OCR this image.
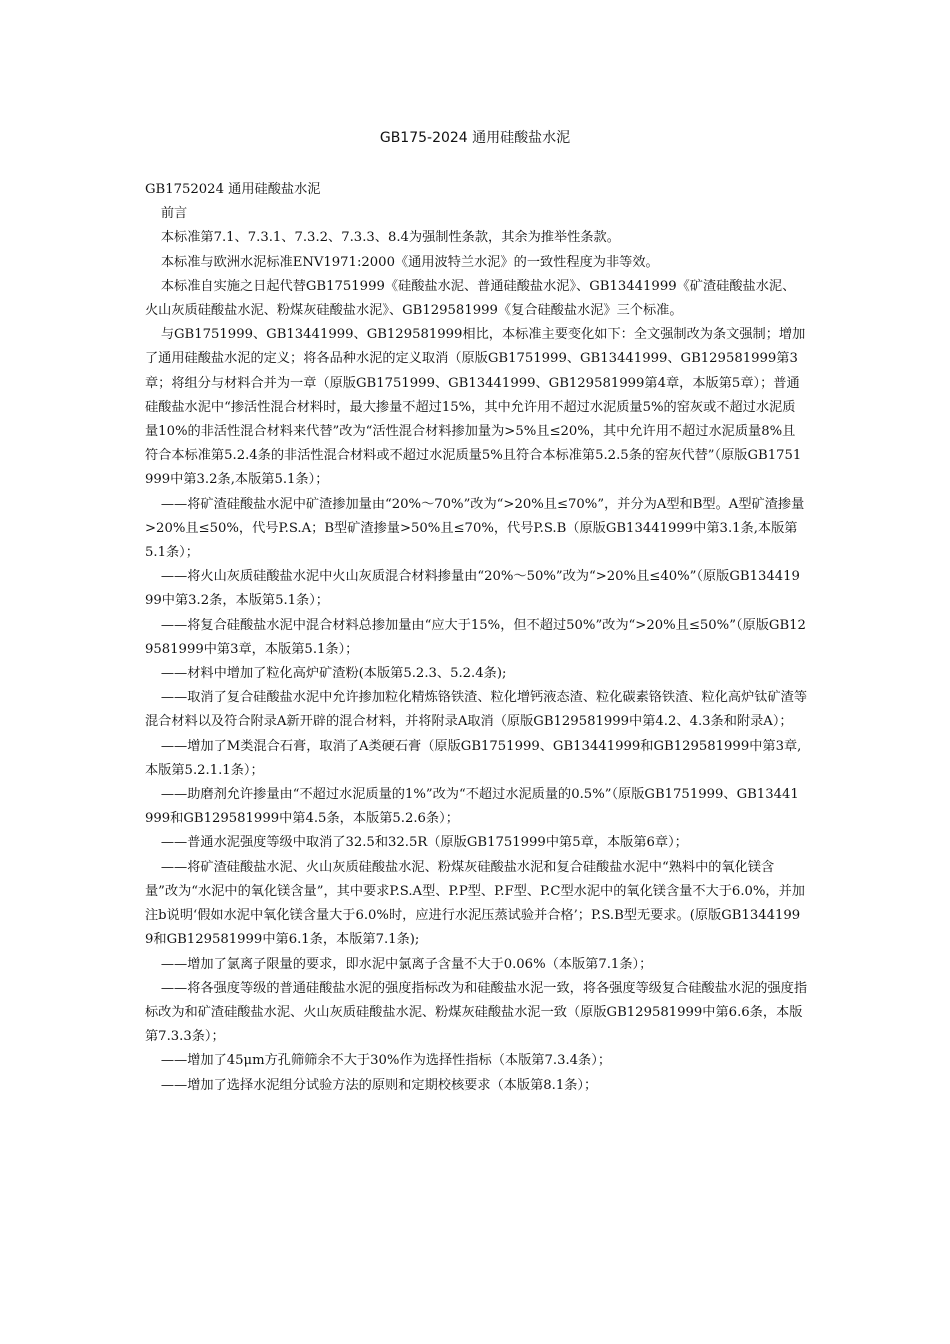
GB175-2024 通用硅酸盐水泥

GB1752024 通用硅酸盐水泥

前言

本标准第7.1、7.3.1、7.3.2、7.3.3、8.4为强制性条款，其余为推举性条款。

本标准与欧洲水泥标准ENV1971:2000《通用波特兰水泥》的一致性程度为非等效。

本标准自实施之日起代替GB1751999《硅酸盐水泥、普通硅酸盐水泥》、GB13441999《矿渣硅酸盐水泥、火山灰质硅酸盐水泥、粉煤灰硅酸盐水泥》、GB129581999《复合硅酸盐水泥》三个标准。

与GB1751999、GB13441999、GB129581999相比，本标准主要变化如下：全文强制改为条文强制；增加了通用硅酸盐水泥的定义；将各品种水泥的定义取消（原版GB1751999、GB13441999、GB129581999第3章；将组分与材料合并为一章（原版GB1751999、GB13441999、GB129581999第4章，本版第5章）；普通硅酸盐水泥中“掺活性混合材料时，最大掺量不超过15%，其中允许用不超过水泥质量5%的窑灰或不超过水泥质量10%的非活性混合材料来代替”改为“活性混合材料掺加量为>5%且≤20%，其中允许用不超过水泥质量8%且符合本标准第5.2.4条的非活性混合材料或不超过水泥质量5%且符合本标准第5.2.5条的窑灰代替”（原版GB1751999中第3.2条,本版第5.1条）；

——将矿渣硅酸盐水泥中矿渣掺加量由“20%～70%”改为“>20%且≤70%”，并分为A型和B型。A型矿渣掺量>20%且≤50%，代号P.S.A；B型矿渣掺量>50%且≤70%，代号P.S.B（原版GB13441999中第3.1条,本版第5.1条）；

——将火山灰质硅酸盐水泥中火山灰质混合材料掺量由“20%～50%”改为“>20%且≤40%”（原版GB13441999中第3.2条，本版第5.1条）；

——将复合硅酸盐水泥中混合材料总掺加量由“应大于15%，但不超过50%”改为“>20%且≤50%”（原版GB129581999中第3章，本版第5.1条）；

——材料中增加了粒化高炉矿渣粉(本版第5.2.3、5.2.4条);

——取消了复合硅酸盐水泥中允许掺加粒化精炼铬铁渣、粒化增钙液态渣、粒化碳素铬铁渣、粒化高炉钛矿渣等混合材料以及符合附录A新开辟的混合材料，并将附录A取消（原版GB129581999中第4.2、4.3条和附录A）；

——增加了M类混合石膏，取消了A类硬石膏（原版GB1751999、GB13441999和GB129581999中第3章,本版第5.2.1.1条）；

——助磨剂允许掺量由“不超过水泥质量的1%”改为“不超过水泥质量的0.5%”（原版GB1751999、GB13441999和GB129581999中第4.5条，本版第5.2.6条）；

——普通水泥强度等级中取消了32.5和32.5R（原版GB1751999中第5章，本版第6章）；

——将矿渣硅酸盐水泥、火山灰质硅酸盐水泥、粉煤灰硅酸盐水泥和复合硅酸盐水泥中“熟料中的氧化镁含量”改为“水泥中的氧化镁含量”，其中要求P.S.A型、P.P型、P.F型、P.C型水泥中的氧化镁含量不大于6.0%，并加注b说明‘假如水泥中氧化镁含量大于6.0%时，应进行水泥压蒸试验并合格’；P.S.B型无要求。(原版GB13441999和GB129581999中第6.1条，本版第7.1条);

——增加了氯离子限量的要求，即水泥中氯离子含量不大于0.06%（本版第7.1条）；

——将各强度等级的普通硅酸盐水泥的强度指标改为和硅酸盐水泥一致，将各强度等级复合硅酸盐水泥的强度指标改为和矿渣硅酸盐水泥、火山灰质硅酸盐水泥、粉煤灰硅酸盐水泥一致（原版GB129581999中第6.6条，本版第7.3.3条）；

——增加了45μm方孔筛筛余不大于30%作为选择性指标（本版第7.3.4条）；

——增加了选择水泥组分试验方法的原则和定期校核要求（本版第8.1条）；
